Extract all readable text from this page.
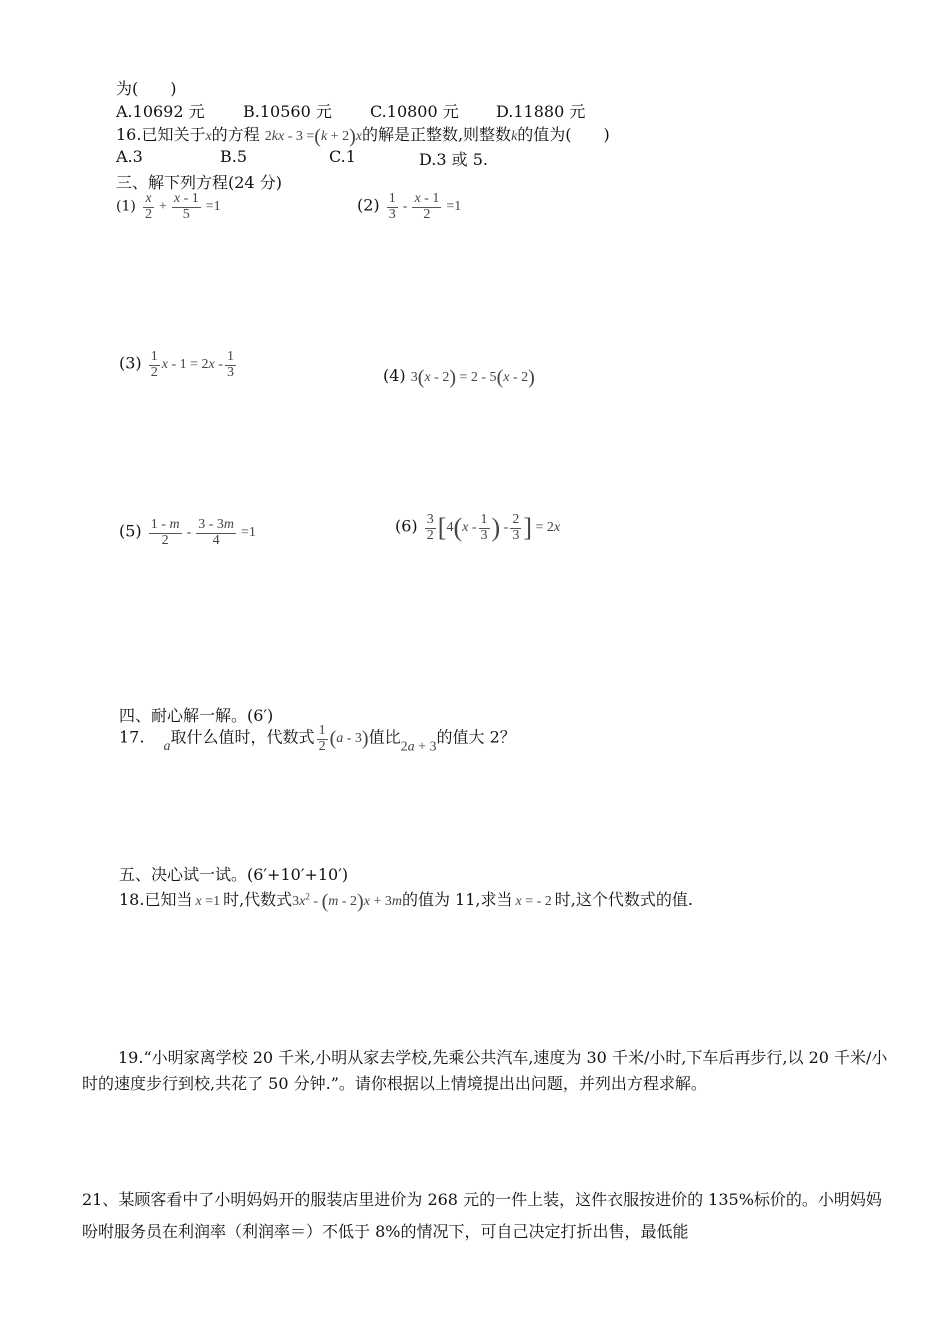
为(　　)
A.10692 元 B.10560 元 C.10800 元 D.11880 元
16.已知关于x的方程 2kx - 3 =(k + 2)x的解是正整数,则整数k的值为(　　)
A.3	B.5	C.1	D.3 或 5.
三、解下列方程(24 分)
$(1) \frac{x}{2} + \frac{x - 1}{5} =1$	$(2) \frac{1}{3} - \frac{x - 1}{2} =1$
$(3) \frac{1}{2}$ $x - 1 = 2x - \frac{1}{3}$	(4) 3(x - 2) = 2 - 5(x - 2)
$(5) \frac{1 - m}{2} - \frac{3 - 3m}{4} =1$	$(6) \frac{3}{2} [4(x - \frac{1}{3}$ ) - $\frac{2}{3}$ ] = 2x
四、耐心解一解。(6′)
17. a取什么值时，代数式 $\frac{1}{2} (a - 3)$值比2a + 3的值大 2？
五、决心试一试。(6′+10′+10′)
18.已知当 x =1 时,代数式$3x^2 - (m - 2)x + 3m$的值为 11,求当 x = - 2 时,这个代数式的值.
19.“小明家离学校 20 千米,小明从家去学校,先乘公共汽车,速度为 30 千米/小时,下车后再步行,以 20 千米/小时的速度步行到校,共花了 50 分钟.”。请你根据以上情境提出出问题，并列出方程求解。
21、某顾客看中了小明妈妈开的服装店里进价为 268 元的一件上装，这件衣服按进价的 135%标价的。小明妈妈吩咐服务员在利润率（利润率＝）不低于 8%的情况下，可自己决定打折出售，最低能
